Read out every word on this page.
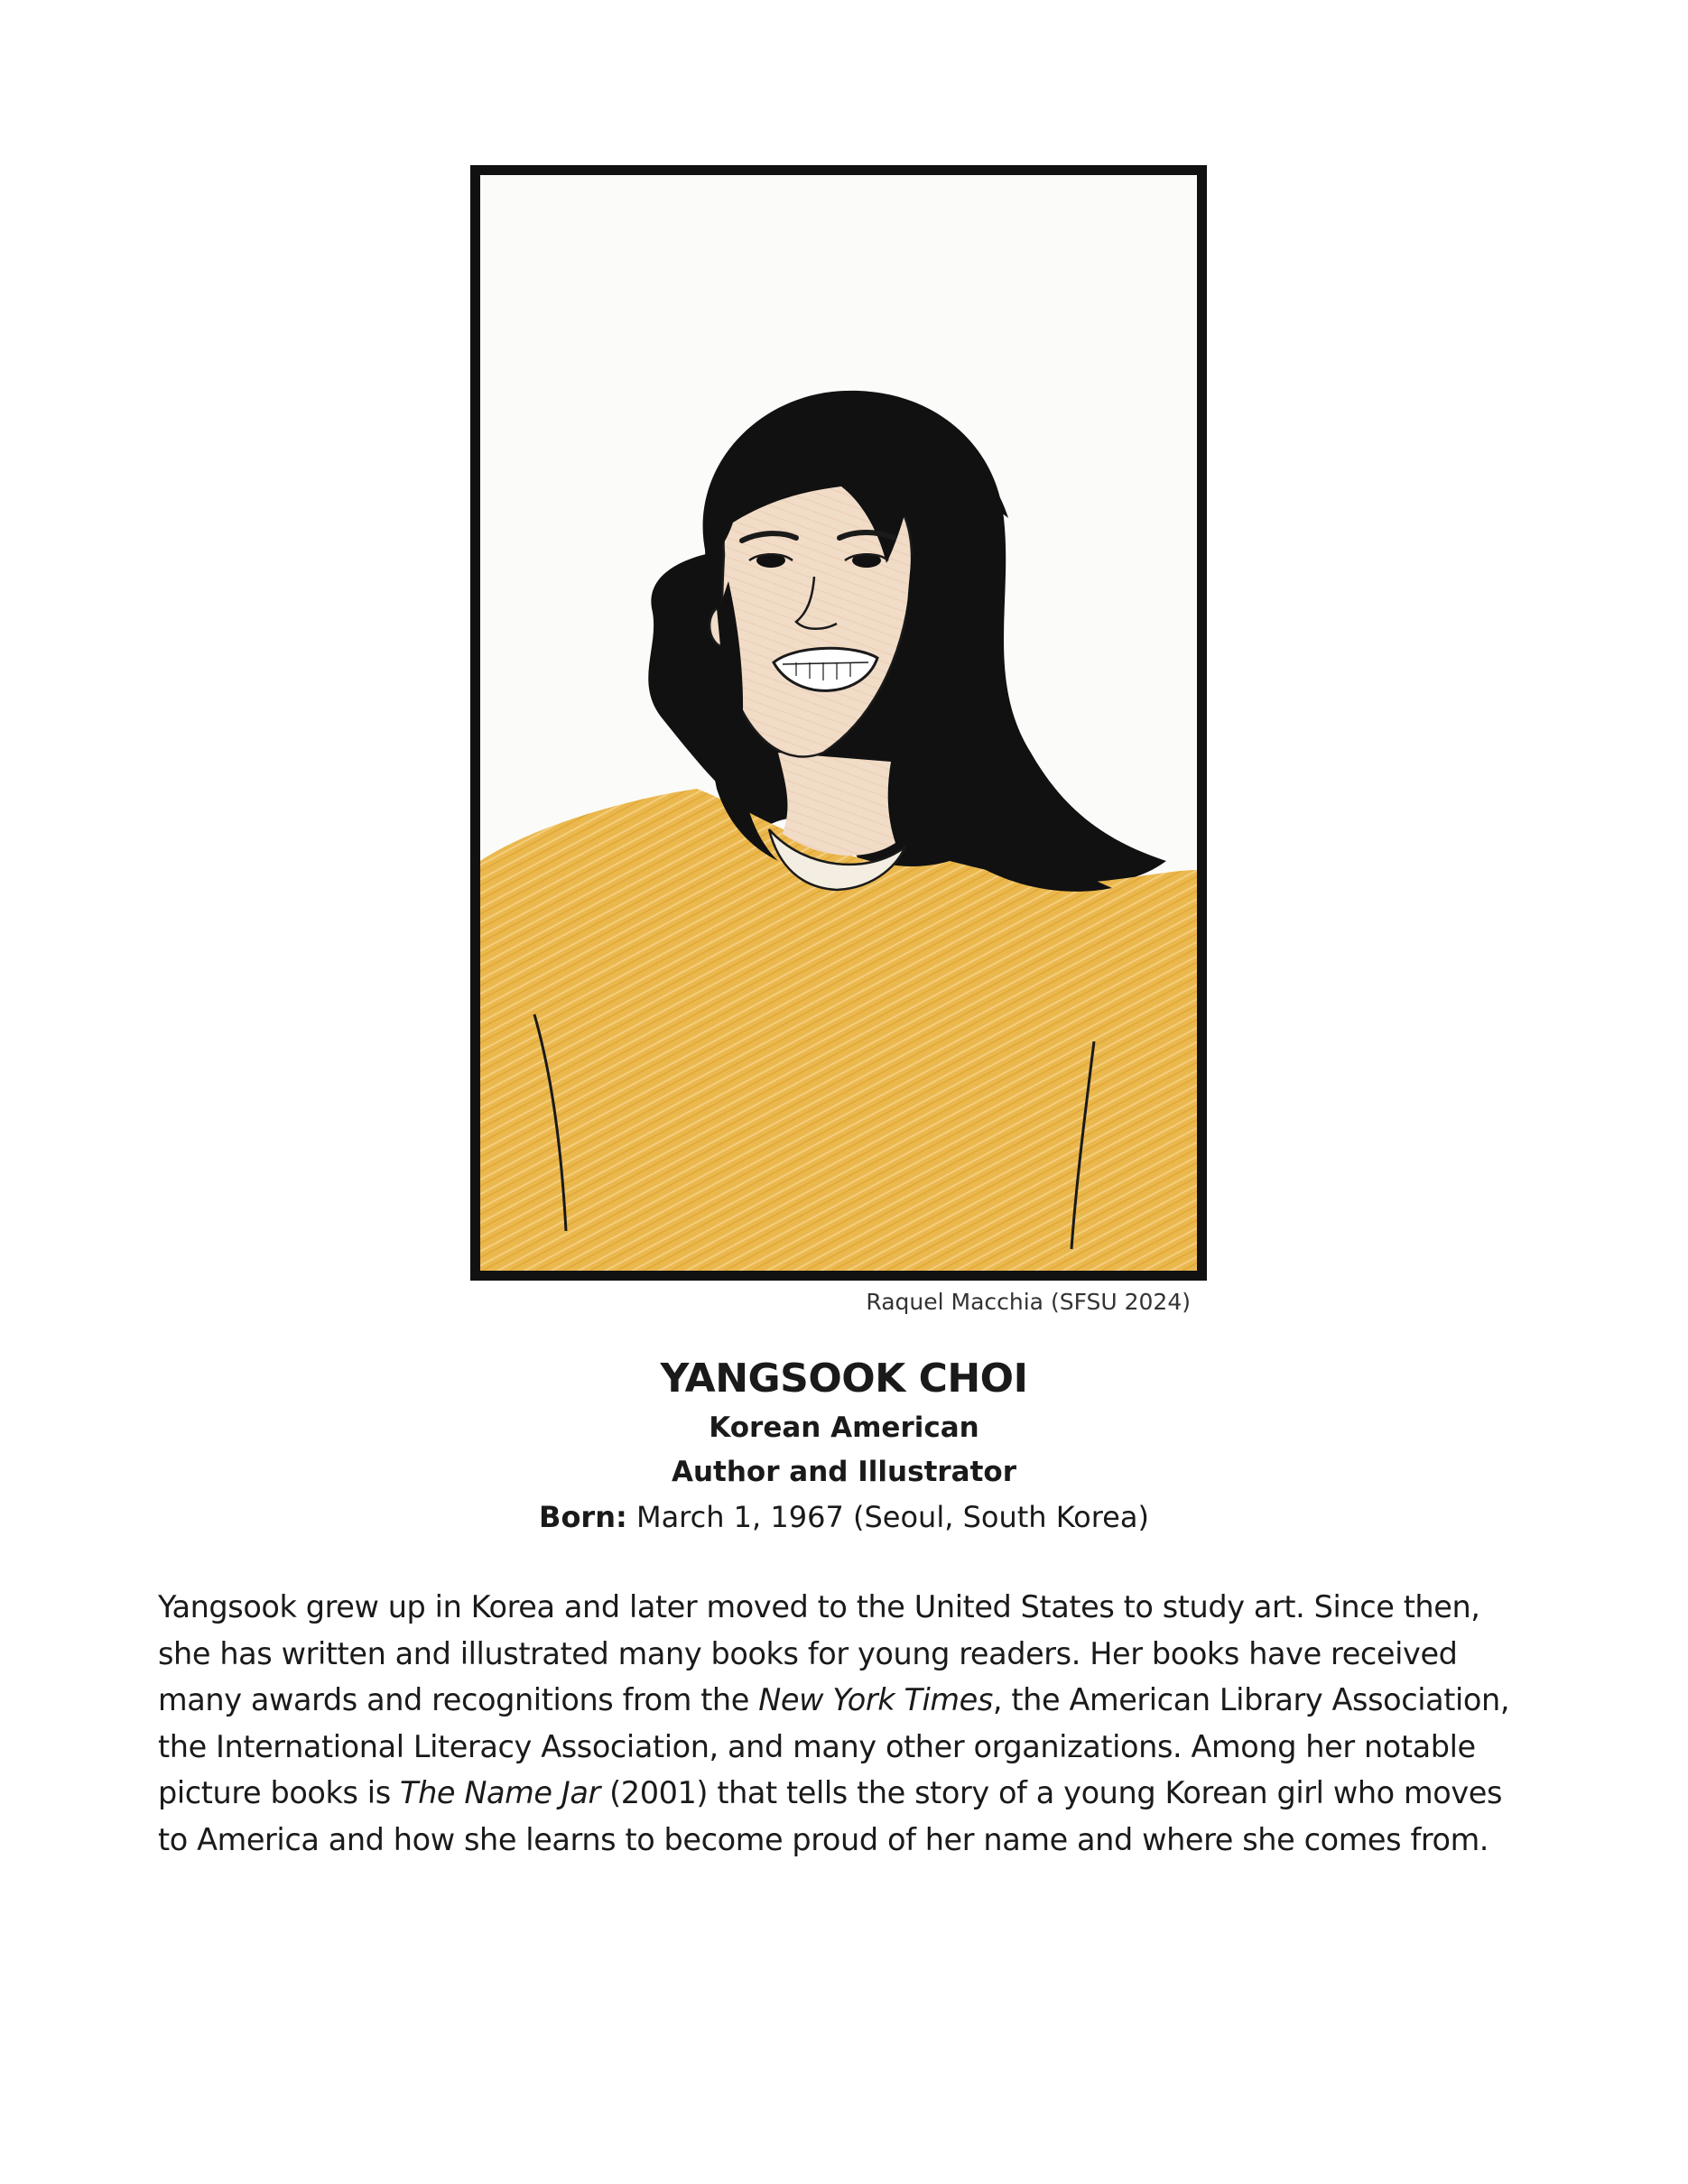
Raquel Macchia (SFSU 2024)
YANGSOOK CHOI
Korean American
Author and Illustrator
Born: March 1, 1967 (Seoul, South Korea)

Yangsook grew up in Korea and later moved to the United States to study art. Since then, she has written and illustrated many books for young readers. Her books have received many awards and recognitions from the New York Times, the American Library Association, the International Literacy Association, and many other organizations. Among her notable picture books is The Name Jar (2001) that tells the story of a young Korean girl who moves to America and how she learns to become proud of her name and where she comes from.
